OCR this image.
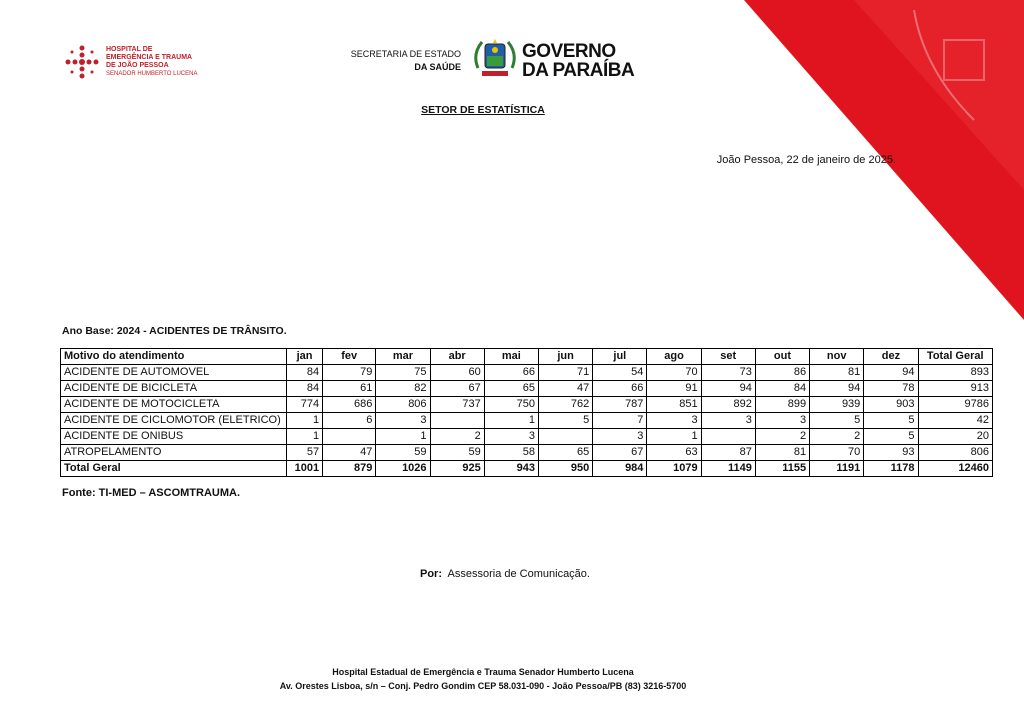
HOSPITAL DE
EMERGÊNCIA E TRAUMA
DE JOÃO PESSOA
SENADOR HUMBERTO LUCENA
SECRETARIA DE ESTADO
DA SAÚDE
GOVERNO
DA PARAÍBA
SETOR DE ESTATÍSTICA
João Pessoa, 22 de janeiro de 2025.
Ano Base: 2024 - ACIDENTES DE TRÂNSITO.
Motivo do atendimento	jan	fev	mar	abr	mai	jun	jul	ago	set	out	nov	dez	Total Geral
ACIDENTE DE AUTOMOVEL	84	79	75	60	66	71	54	70	73	86	81	94	893
ACIDENTE DE BICICLETA	84	61	82	67	65	47	66	91	94	84	94	78	913
ACIDENTE DE MOTOCICLETA	774	686	806	737	750	762	787	851	892	899	939	903	9786
ACIDENTE DE CICLOMOTOR (ELETRICO)	1	6	3		1	5	7	3	3	3	5	5	42
ACIDENTE DE ONIBUS	1		1	2	3		3	1		2	2	5	20
ATROPELAMENTO	57	47	59	59	58	65	67	63	87	81	70	93	806
Total Geral	1001	879	1026	925	943	950	984	1079	1149	1155	1191	1178	12460
Fonte: TI-MED – ASCOMTRAUMA.
Por: Assessoria de Comunicação.
Hospital Estadual de Emergência e Trauma Senador Humberto Lucena
Av. Orestes Lisboa, s/n – Conj. Pedro Gondim CEP 58.031-090 - João Pessoa/PB (83) 3216-5700
